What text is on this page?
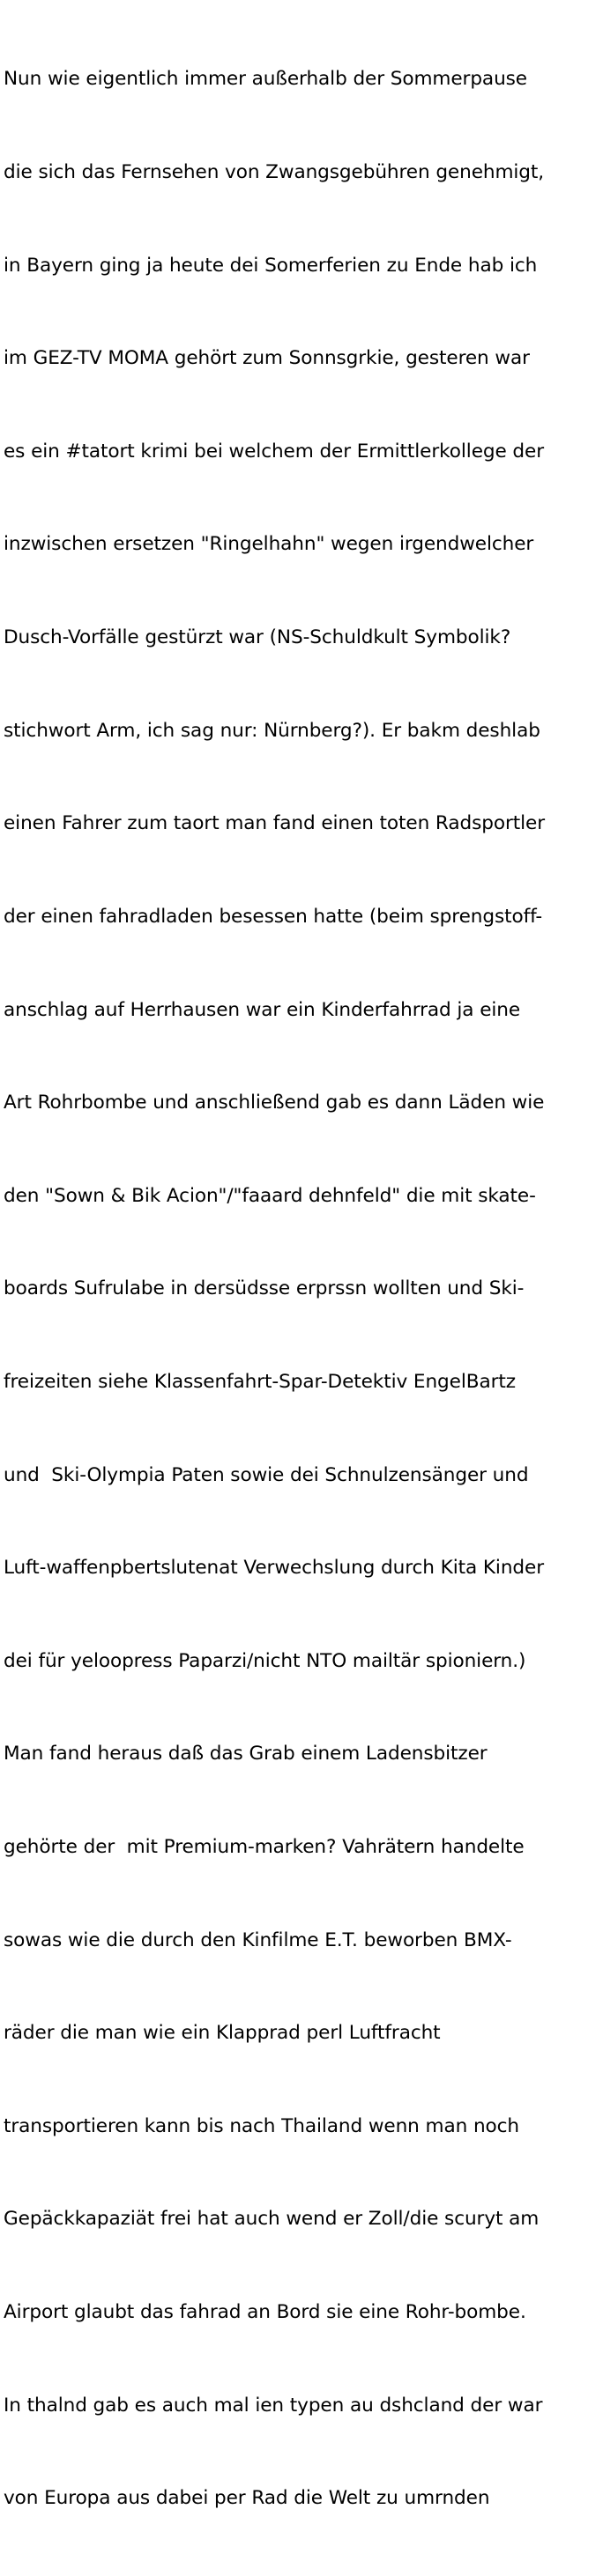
Nun wie eigentlich immer außerhalb der Sommerpause

die sich das Fernsehen von Zwangsgebühren genehmigt,

in Bayern ging ja heute dei Somerferien zu Ende hab ich

im GEZ-TV MOMA gehört zum Sonnsgrkie, gesteren war

es ein #tatort krimi bei welchem der Ermittlerkollege der

inzwischen ersetzen "Ringelhahn" wegen irgendwelcher

Dusch-Vorfälle gestürzt war (NS-Schuldkult Symbolik?

stichwort Arm, ich sag nur: Nürnberg?). Er bakm deshlab

einen Fahrer zum taort man fand einen toten Radsportler

der einen fahradladen besessen hatte (beim sprengstoff-

anschlag auf Herrhausen war ein Kinderfahrrad ja eine

Art Rohrbombe und anschließend gab es dann Läden wie

den "Sown & Bik Acion"/"faaard dehnfeld" die mit skate-

boards Sufrulabe in dersüdsse erprssn wollten und Ski-

freizeiten siehe Klassenfahrt-Spar-Detektiv EngelBartz

und  Ski-Olympia Paten sowie dei Schnulzensänger und

Luft-waffenpbertslutenat Verwechslung durch Kita Kinder

dei für yeloopress Paparzi/nicht NTO mailtär spioniern.)

Man fand heraus daß das Grab einem Ladensbitzer

gehörte der  mit Premium-marken? Vahrätern handelte

sowas wie die durch den Kinfilme E.T. beworben BMX-

räder die man wie ein Klapprad perl Luftfracht

transportieren kann bis nach Thailand wenn man noch

Gepäckkapaziät frei hat auch wend er Zoll/die scuryt am

Airport glaubt das fahrad an Bord sie eine Rohr-bombe.

In thalnd gab es auch mal ien typen au dshcland der war

von Europa aus dabei per Rad die Welt zu umrnden
